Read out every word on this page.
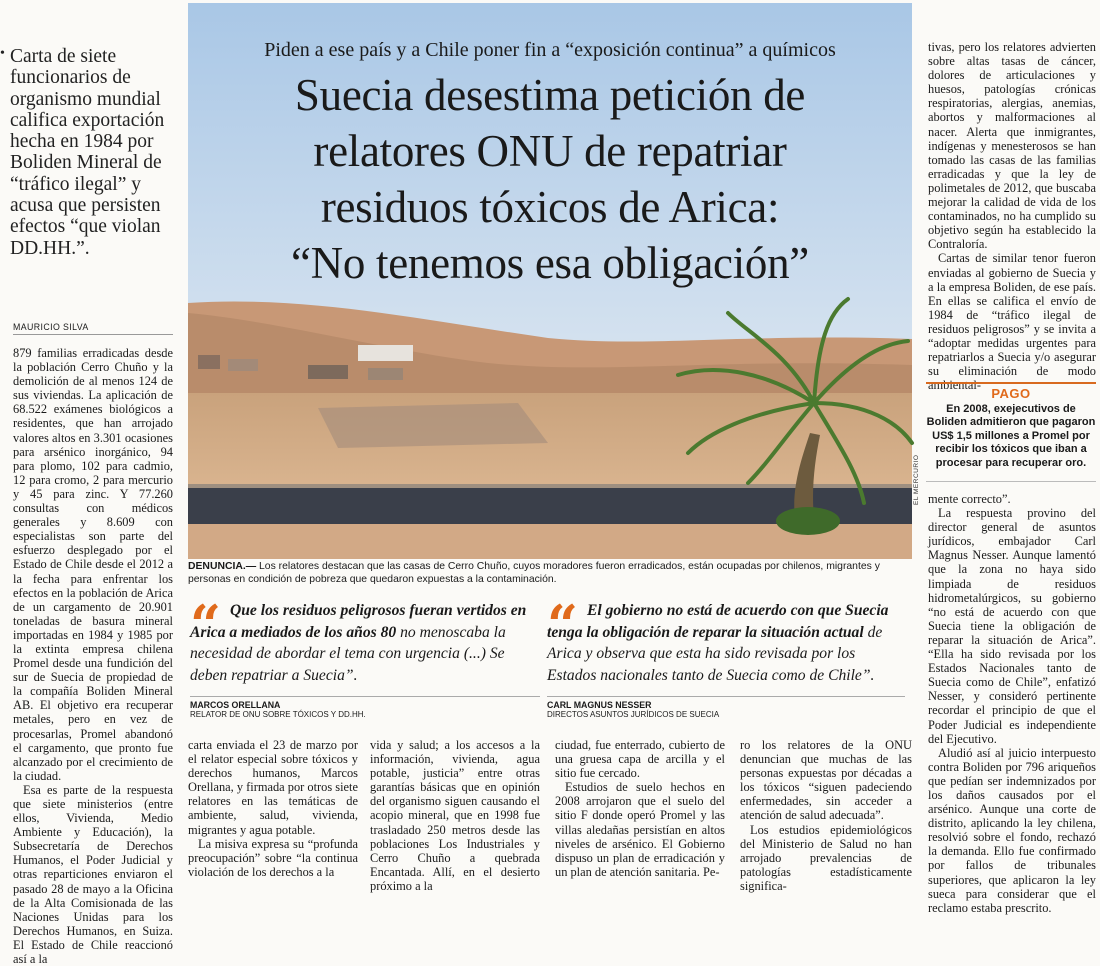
• Carta de siete funcionarios de organismo mundial califica exportación hecha en 1984 por Boliden Mineral de “tráfico ilegal” y acusa que persisten efectos “que violan DD.HH.”.
MAURICIO SILVA

879 familias erradicadas desde la población Cerro Chuño y la demolición de al menos 124 de sus viviendas. La aplicación de 68.522 exámenes biológicos a residentes, que han arrojado valores altos en 3.301 ocasiones para arsénico inorgánico, 94 para plomo, 102 para cadmio, 12 para cromo, 2 para mercurio y 45 para zinc. Y 77.260 consultas con médicos generales y 8.609 con especialistas son parte del esfuerzo desplegado por el Estado de Chile desde el 2012 a la fecha para enfrentar los efectos en la población de Arica de un cargamento de 20.901 toneladas de basura mineral importadas en 1984 y 1985 por la extinta empresa chilena Promel desde una fundición del sur de Suecia de propiedad de la compañía Boliden Mineral AB. El objetivo era recuperar metales, pero en vez de procesarlas, Promel abandonó el cargamento, que pronto fue alcanzado por el crecimiento de la ciudad.

Esa es parte de la respuesta que siete ministerios (entre ellos, Vivienda, Medio Ambiente y Educación), la Subsecretaría de Derechos Humanos, el Poder Judicial y otras reparticiones enviaron el pasado 28 de mayo a la Oficina de la Alta Comisionada de las Naciones Unidas para los Derechos Humanos, en Suiza. El Estado de Chile reaccionó así a la

Piden a ese país y a Chile poner fin a “exposición continua” a químicos
Suecia desestima petición de
relatores ONU de repatriar
residuos tóxicos de Arica:
“No tenemos esa obligación”
EL MERCURIO
DENUNCIA.— Los relatores destacan que las casas de Cerro Chuño, cuyos moradores fueron erradicados, están ocupadas por chilenos, migrantes y personas en condición de pobreza que quedaron expuestas a la contaminación.
“ Que los residuos peligrosos fueran vertidos en Arica a mediados de los años 80 no menoscaba la necesidad de abordar el tema con urgencia (...) Se deben repatriar a Suecia”.
MARCOS ORELLANA
RELATOR DE ONU SOBRE TÓXICOS Y DD.HH.
“ El gobierno no está de acuerdo con que Suecia tenga la obligación de reparar la situación actual de Arica y observa que esta ha sido revisada por los Estados nacionales tanto de Suecia como de Chile”.
CARL MAGNUS NESSER
DIRECTOS ASUNTOS JURÍDICOS DE SUECIA

carta enviada el 23 de marzo por el relator especial sobre tóxicos y derechos humanos, Marcos Orellana, y firmada por otros siete relatores en las temáticas de ambiente, salud, vivienda, migrantes y agua potable.

La misiva expresa su “profunda preocupación” sobre “la continua violación de los derechos a la

vida y salud; a los accesos a la información, vivienda, agua potable, justicia” entre otras garantías básicas que en opinión del organismo siguen causando el acopio mineral, que en 1998 fue trasladado 250 metros desde las poblaciones Los Industriales y Cerro Chuño a quebrada Encantada. Allí, en el desierto próximo a la

ciudad, fue enterrado, cubierto de una gruesa capa de arcilla y el sitio fue cercado.

Estudios de suelo hechos en 2008 arrojaron que el suelo del sitio F donde operó Promel y las villas aledañas persistían en altos niveles de arsénico. El Gobierno dispuso un plan de erradicación y un plan de atención sanitaria. Pe-

ro los relatores de la ONU denuncian que muchas de las personas expuestas por décadas a los tóxicos “siguen padeciendo enfermedades, sin acceder a atención de salud adecuada”.

Los estudios epidemiológicos del Ministerio de Salud no han arrojado prevalencias de patologías estadísticamente significa-

tivas, pero los relatores advierten sobre altas tasas de cáncer, dolores de articulaciones y huesos, patologías crónicas respiratorias, alergias, anemias, abortos y malformaciones al nacer. Alerta que inmigrantes, indígenas y menesterosos se han tomado las casas de las familias erradicadas y que la ley de polimetales de 2012, que buscaba mejorar la calidad de vida de los contaminados, no ha cumplido su objetivo según ha establecido la Contraloría.

Cartas de similar tenor fueron enviadas al gobierno de Suecia y a la empresa Boliden, de ese país. En ellas se califica el envío de 1984 de “tráfico ilegal de residuos peligrosos” y se invita a “adoptar medidas urgentes para repatriarlos a Suecia y/o asegurar su eliminación de modo ambiental-

PAGO
En 2008, exejecutivos de Boliden admitieron que pagaron US$ 1,5 millones a Promel por recibir los tóxicos que iban a procesar para recuperar oro.

mente correcto”.

La respuesta provino del director general de asuntos jurídicos, embajador Carl Magnus Nesser. Aunque lamentó que la zona no haya sido limpiada de residuos hidrometalúrgicos, su gobierno “no está de acuerdo con que Suecia tiene la obligación de reparar la situación de Arica”. “Ella ha sido revisada por los Estados Nacionales tanto de Suecia como de Chile”, enfatizó Nesser, y consideró pertinente recordar el principio de que el Poder Judicial es independiente del Ejecutivo.

Aludió así al juicio interpuesto contra Boliden por 796 ariqueños que pedían ser indemnizados por los daños causados por el arsénico. Aunque una corte de distrito, aplicando la ley chilena, resolvió sobre el fondo, rechazó la demanda. Ello fue confirmado por fallos de tribunales superiores, que aplicaron la ley sueca para considerar que el reclamo estaba prescrito.
